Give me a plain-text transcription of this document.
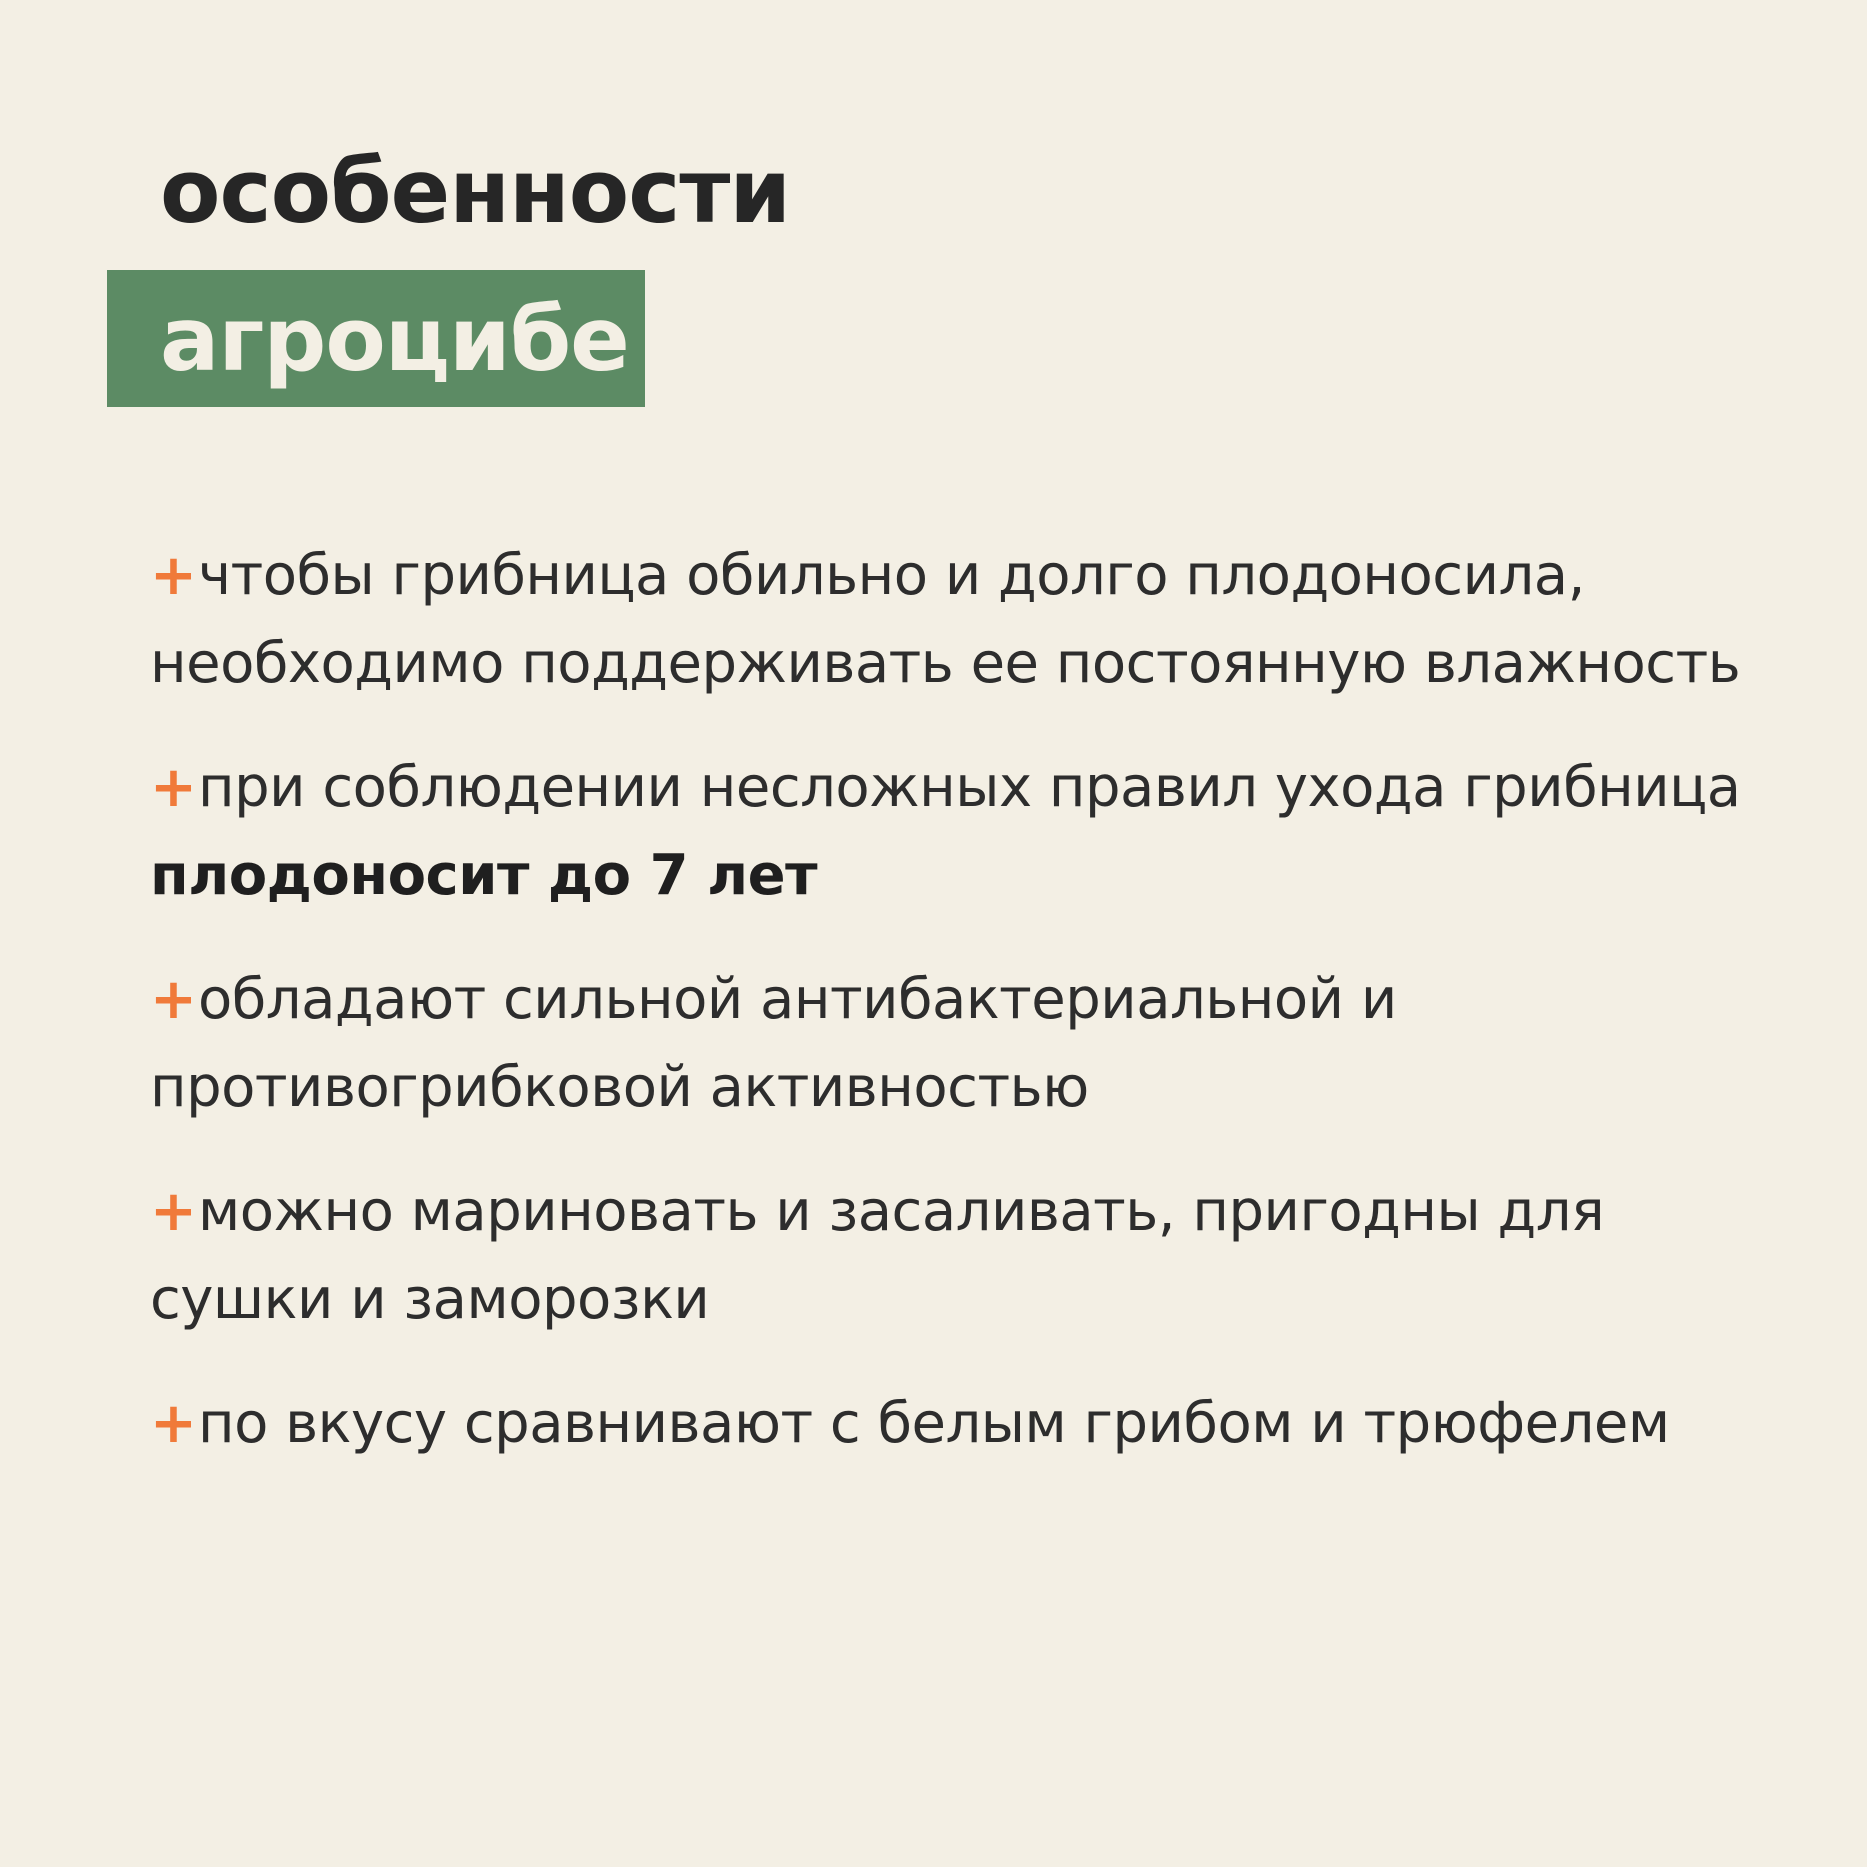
особенности
агроцибе
+чтобы грибница обильно и долго плодоносила, необходимо поддерживать ее постоянную влажность
+при соблюдении несложных правил ухода грибница плодоносит до 7 лет
+обладают сильной антибактериальной и противогрибковой активностью
+можно мариновать и засаливать, пригодны для сушки и заморозки
+по вкусу сравнивают с белым грибом и трюфелем
